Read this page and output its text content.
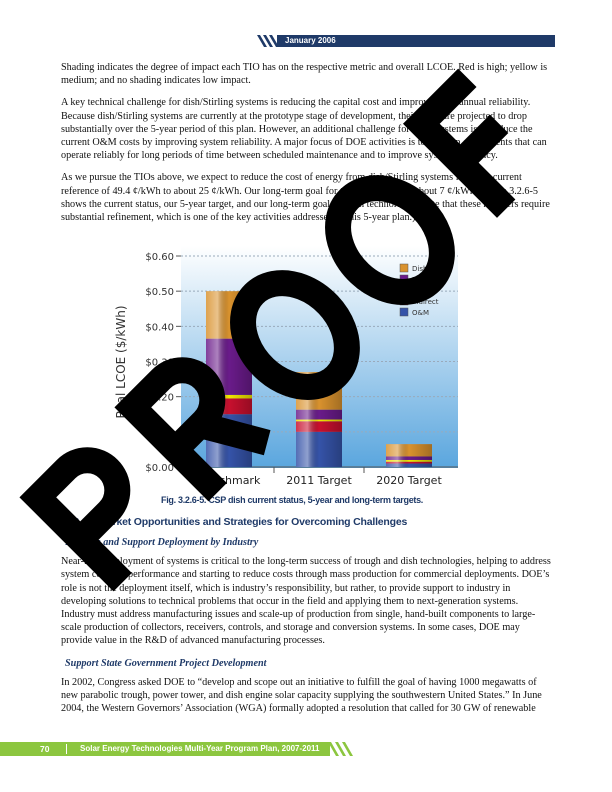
January 2006

Shading indicates the degree of impact each TIO has on the respective metric and overall LCOE. Red is high; yellow is medium; and no shading indicates low impact.

A key technical challenge for dish/Stirling systems is reducing the capital cost and improving the annual reliability. Because dish/Stirling systems are currently at the prototype stage of development, their costs are projected to drop substantially over the 5-year period of this plan. However, an additional challenge for these systems is to reduce the current O&M costs by improving system reliability. A major focus of DOE activities is to develop components that can operate reliably for long periods of time between scheduled maintenance and to improve system efficiency.

As we pursue the TIOs above, we expect to reduce the cost of energy from dish/Stirling systems from the current reference of 49.4 ¢/kWh to about 25 ¢/kWh. Our long-term goal for this technology is about 7 ¢/kWh. Figure 3.2.6-5 shows the current status, our 5-year target, and our long-term goal for dish technology. (Note that these numbers require substantial refinement, which is one of the key activities addressed in this 5-year plan.)

$0.00
$0.10
$0.20
$0.30
$0.40
$0.50
$0.60
Benchmark 2011 Target 2020 Target
Real LCOE ($/kWh)
Dish
PCU
BOP
Indirect
O&M
Fig. 3.2.6-5. CSP dish current status, 5-year and long-term targets.
3.2.6.6 Market Opportunities and Strategies for Overcoming Challenges
Promote and Support Deployment by Industry

Near-term deployment of systems is critical to the long-term success of trough and dish technologies, helping to address system cost and performance and starting to reduce costs through mass production for commercial deployments. DOE’s role is not the deployment itself, which is industry’s responsibility, but rather, to provide support to industry in developing solutions to technical problems that occur in the field and applying them to next-generation systems. Industry must address manufacturing issues and scale-up of production from single, hand-built components to large-scale production of collectors, receivers, controls, and storage and conversion systems. In some cases, DOE may provide value in the R&D of advanced manufacturing processes.

Support State Government Project Development

In 2002, Congress asked DOE to “develop and scope out an initiative to fulfill the goal of having 1000 megawatts of new parabolic trough, power tower, and dish engine solar capacity supplying the southwestern United States.” In June 2004, the Western Governors’ Association (WGA) formally adopted a resolution that called for 30 GW of renewable

70	Solar Energy Technologies Multi-Year Program Plan, 2007-2011
